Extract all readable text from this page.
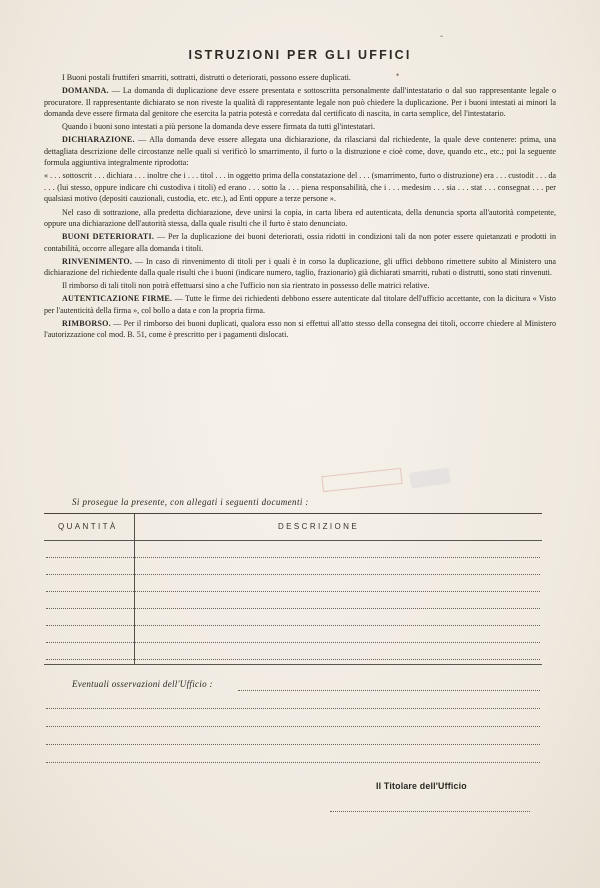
•
ˇ
ISTRUZIONI PER GLI UFFICI

I Buoni postali fruttiferi smarriti, sottratti, distrutti o deteriorati, possono essere duplicati.

DOMANDA. — La domanda di duplicazione deve essere presentata e sottoscritta personalmente dall'intestatario o dal suo rappresentante legale o procuratore. Il rappresentante dichiarato se non riveste la qualità di rappresentante legale non può chiedere la duplicazione. Per i buoni intestati ai minori la domanda deve essere firmata dal genitore che esercita la patria potestà e corredata dal certificato di nascita, in carta semplice, del l'intestatario.

Quando i buoni sono intestati a più persone la domanda deve essere firmata da tutti gl'intestatari.

DICHIARAZIONE. — Alla domanda deve essere allegata una dichiarazione, da rilasciarsi dal richiedente, la quale deve contenere: prima, una dettagliata descrizione delle circostanze nelle quali si verificò lo smarrimento, il furto o la distruzione e cioè come, dove, quando etc., etc.; poi la seguente formula aggiuntiva integralmente riprodotta:

« . . . sottoscrit . . . dichiara . . . inoltre che i . . . titol . . . in oggetto prima della constatazione del . . . (smarrimento, furto o distruzione) era . . . custodit . . . da . . . (lui stesso, oppure indicare chi custodiva i titoli) ed erano . . . sotto la . . . piena responsabilità, che i . . . medesim . . . sia . . . stat . . . consegnat . . . per qualsiasi motivo (depositi cauzionali, custodia, etc. etc.), ad Enti oppure a terze persone ».

Nel caso di sottrazione, alla predetta dichiarazione, deve unirsi la copia, in carta libera ed autenticata, della denuncia sporta all'autorità competente, oppure una dichiarazione dell'autorità stessa, dalla quale risulti che il furto è stato denunciato.

BUONI DETERIORATI. — Per la duplicazione dei buoni deteriorati, ossia ridotti in condizioni tali da non poter essere quietanzati e prodotti in contabilità, occorre allegare alla domanda i titoli.

RINVENIMENTO. — In caso di rinvenimento di titoli per i quali è in corso la duplicazione, gli uffici debbono rimettere subito al Ministero una dichiarazione del richiedente dalla quale risulti che i buoni (indicare numero, taglio, frazionario) già dichiarati smarriti, rubati o distrutti, sono stati rinvenuti.

Il rimborso di tali titoli non potrà effettuarsi sino a che l'ufficio non sia rientrato in possesso delle matrici relative.

AUTENTICAZIONE FIRME. — Tutte le firme dei richiedenti debbono essere autenticate dal titolare dell'ufficio accettante, con la dicitura « Visto per l'autenticità della firma », col bollo a data e con la propria firma.

RIMBORSO. — Per il rimborso dei buoni duplicati, qualora esso non si effettui all'atto stesso della consegna dei titoli, occorre chiedere al Ministero l'autorizzazione col mod. B. 51, come è prescritto per i pagamenti dislocati.

Si prosegue la presente, con allegati i seguenti documenti :
QUANTITÀ	DESCRIZIONE
Eventuali osservazioni dell'Ufficio :
Il Titolare dell'Ufficio
